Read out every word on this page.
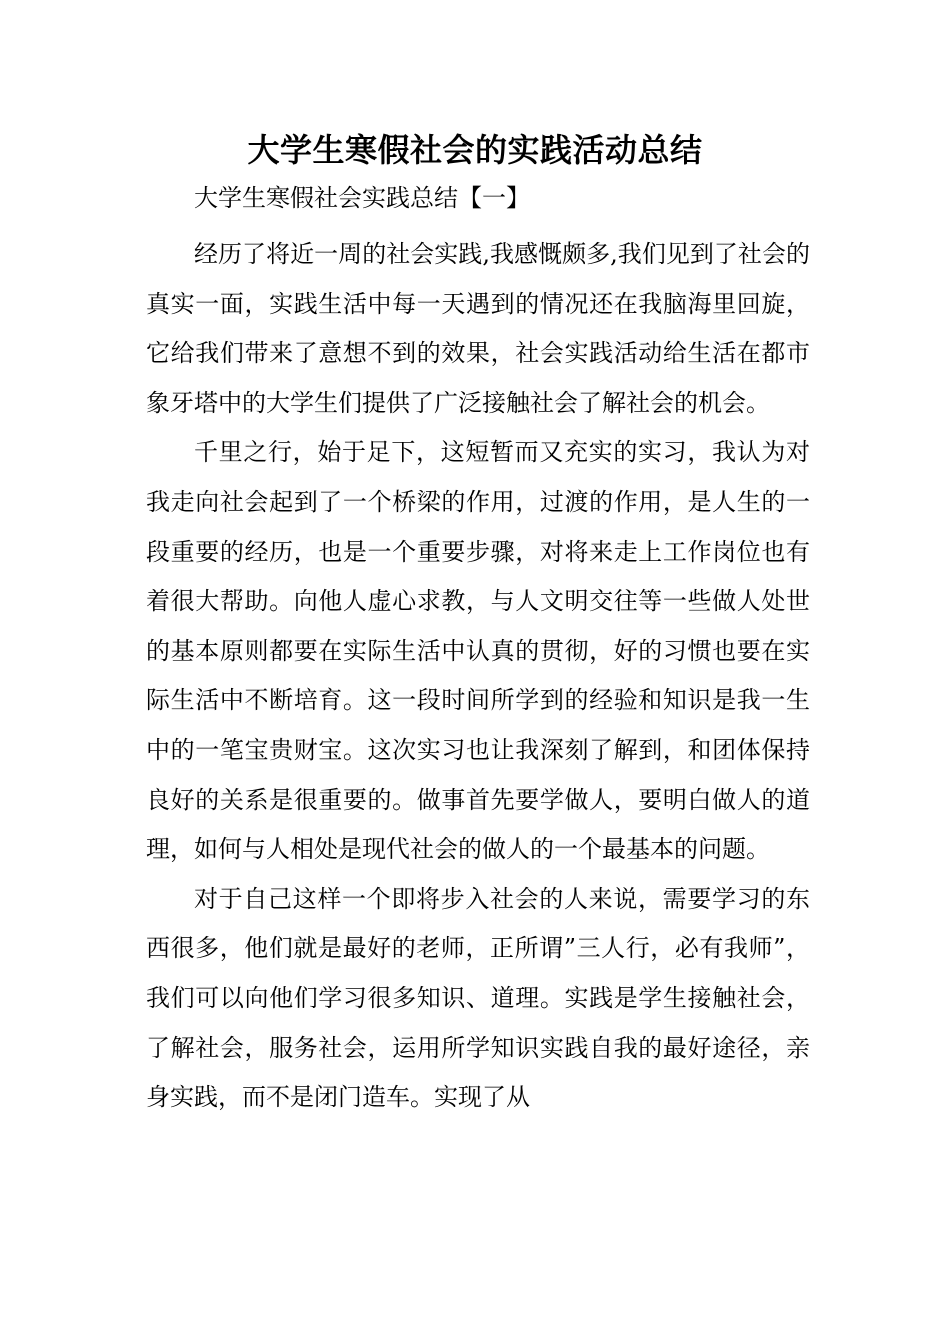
大学生寒假社会的实践活动总结
大学生寒假社会实践总结【一】

经历了将近一周的社会实践,我感慨颇多,我们见到了社会的真实一面，实践生活中每一天遇到的情况还在我脑海里回旋，它给我们带来了意想不到的效果，社会实践活动给生活在都市象牙塔中的大学生们提供了广泛接触社会了解社会的机会。

千里之行，始于足下，这短暂而又充实的实习，我认为对我走向社会起到了一个桥梁的作用，过渡的作用，是人生的一段重要的经历，也是一个重要步骤，对将来走上工作岗位也有着很大帮助。向他人虚心求教，与人文明交往等一些做人处世的基本原则都要在实际生活中认真的贯彻，好的习惯也要在实际生活中不断培育。这一段时间所学到的经验和知识是我一生中的一笔宝贵财宝。这次实习也让我深刻了解到，和团体保持良好的关系是很重要的。做事首先要学做人，要明白做人的道理，如何与人相处是现代社会的做人的一个最基本的问题。

对于自己这样一个即将步入社会的人来说，需要学习的东西很多，他们就是最好的老师，正所谓”三人行，必有我师”，我们可以向他们学习很多知识、道理。实践是学生接触社会，了解社会，服务社会，运用所学知识实践自我的最好途径，亲身实践，而不是闭门造车。实现了从
